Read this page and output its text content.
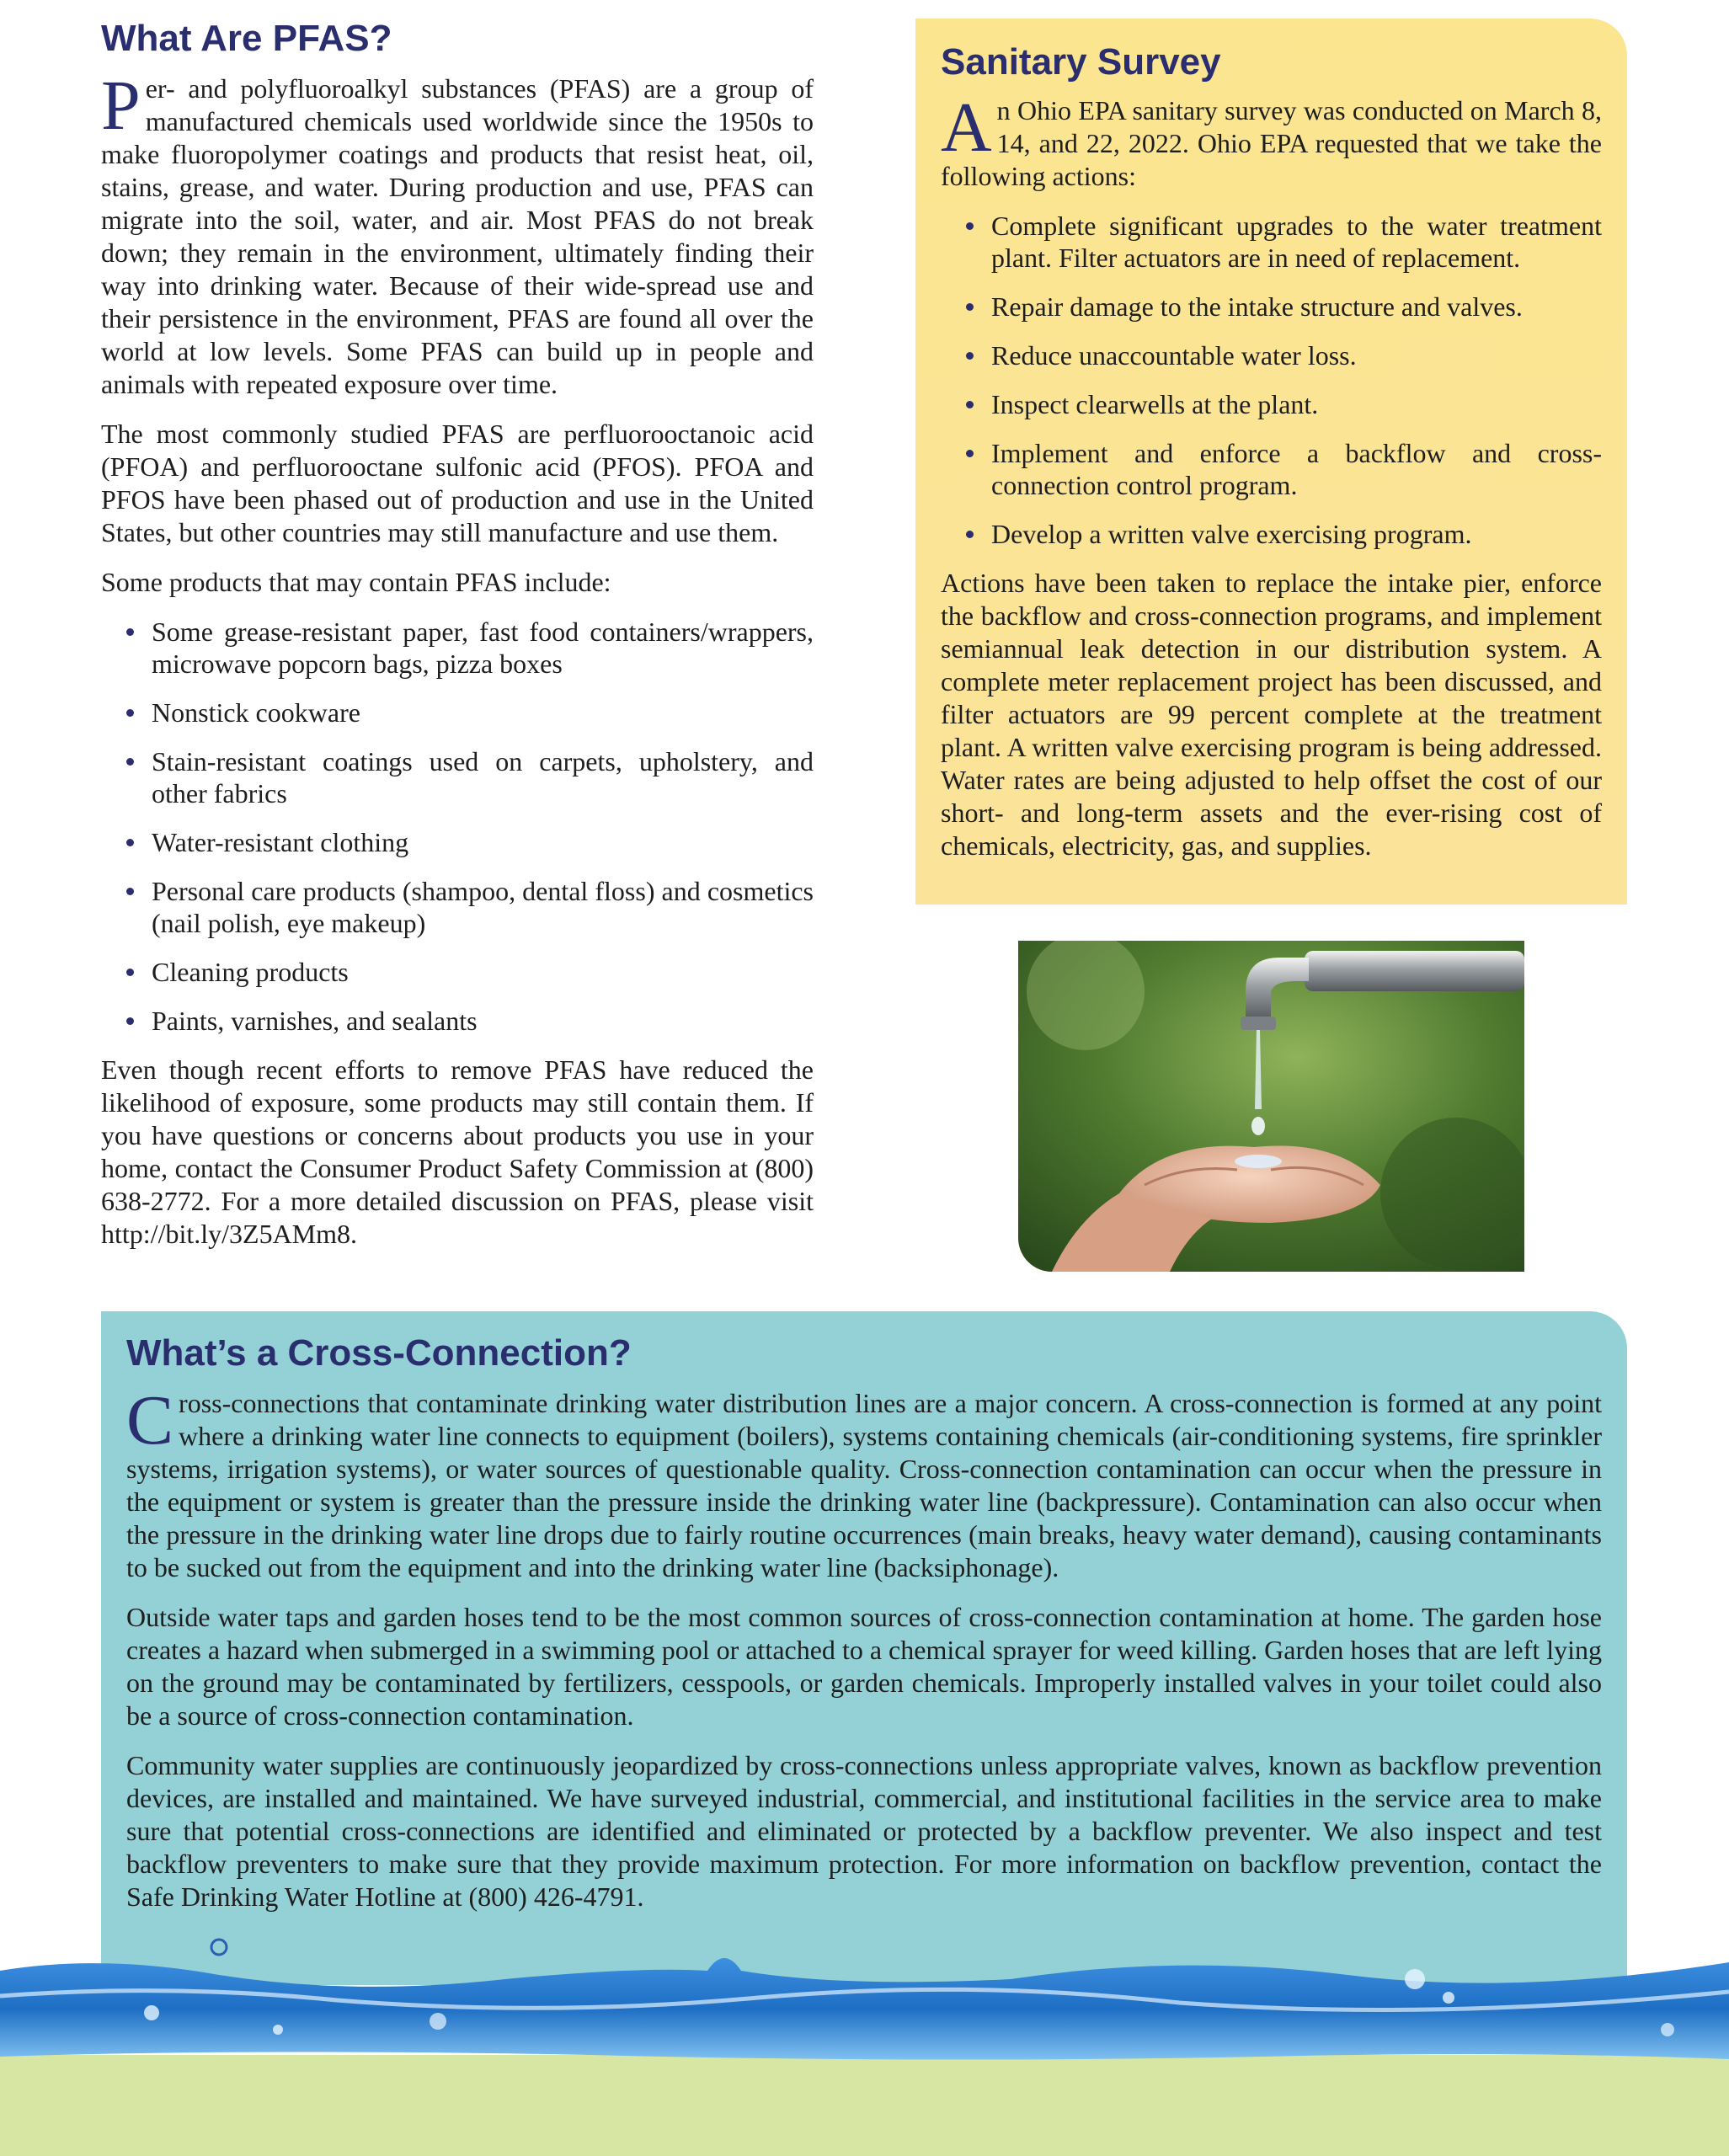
What Are PFAS?

Per- and polyfluoroalkyl substances (PFAS) are a group of manufactured chemicals used worldwide since the 1950s to make fluoropolymer coatings and products that resist heat, oil, stains, grease, and water. During production and use, PFAS can migrate into the soil, water, and air. Most PFAS do not break down; they remain in the environment, ultimately finding their way into drinking water. Because of their wide-spread use and their persistence in the environment, PFAS are found all over the world at low levels. Some PFAS can build up in people and animals with repeated exposure over time.

The most commonly studied PFAS are perfluorooctanoic acid (PFOA) and perfluorooctane sulfonic acid (PFOS). PFOA and PFOS have been phased out of production and use in the United States, but other countries may still manufacture and use them.

Some products that may contain PFAS include:

Some grease-resistant paper, fast food containers/wrappers, microwave popcorn bags, pizza boxes
Nonstick cookware
Stain-resistant coatings used on carpets, upholstery, and other fabrics
Water-resistant clothing
Personal care products (shampoo, dental floss) and cosmetics (nail polish, eye makeup)
Cleaning products
Paints, varnishes, and sealants

Even though recent efforts to remove PFAS have reduced the likelihood of exposure, some products may still contain them. If you have questions or concerns about products you use in your home, contact the Consumer Product Safety Commission at (800) 638-2772. For a more detailed discussion on PFAS, please visit http://bit.ly/3Z5AMm8.

Sanitary Survey

An Ohio EPA sanitary survey was conducted on March 8, 14, and 22, 2022. Ohio EPA requested that we take the following actions:

Complete significant upgrades to the water treatment plant. Filter actuators are in need of replacement.
Repair damage to the intake structure and valves.
Reduce unaccountable water loss.
Inspect clearwells at the plant.
Implement and enforce a backflow and cross-connection control program.
Develop a written valve exercising program.

Actions have been taken to replace the intake pier, enforce the backflow and cross-connection programs, and implement semiannual leak detection in our distribution system. A complete meter replacement project has been discussed, and filter actuators are 99 percent complete at the treatment plant. A written valve exercising program is being addressed. Water rates are being adjusted to help offset the cost of our short- and long-term assets and the ever-rising cost of chemicals, electricity, gas, and supplies.

What’s a Cross-Connection?

Cross-connections that contaminate drinking water distribution lines are a major concern. A cross-connection is formed at any point where a drinking water line connects to equipment (boilers), systems containing chemicals (air-conditioning systems, fire sprinkler systems, irrigation systems), or water sources of questionable quality. Cross-connection contamination can occur when the pressure in the equipment or system is greater than the pressure inside the drinking water line (backpressure). Contamination can also occur when the pressure in the drinking water line drops due to fairly routine occurrences (main breaks, heavy water demand), causing contaminants to be sucked out from the equipment and into the drinking water line (backsiphonage).

Outside water taps and garden hoses tend to be the most common sources of cross-connection contamination at home. The garden hose creates a hazard when submerged in a swimming pool or attached to a chemical sprayer for weed killing. Garden hoses that are left lying on the ground may be contaminated by fertilizers, cesspools, or garden chemicals. Improperly installed valves in your toilet could also be a source of cross-connection contamination.

Community water supplies are continuously jeopardized by cross-connections unless appropriate valves, known as backflow prevention devices, are installed and maintained. We have surveyed industrial, commercial, and institutional facilities in the service area to make sure that potential cross-connections are identified and eliminated or protected by a backflow preventer. We also inspect and test backflow preventers to make sure that they provide maximum protection. For more information on backflow prevention, contact the Safe Drinking Water Hotline at (800) 426-4791.
